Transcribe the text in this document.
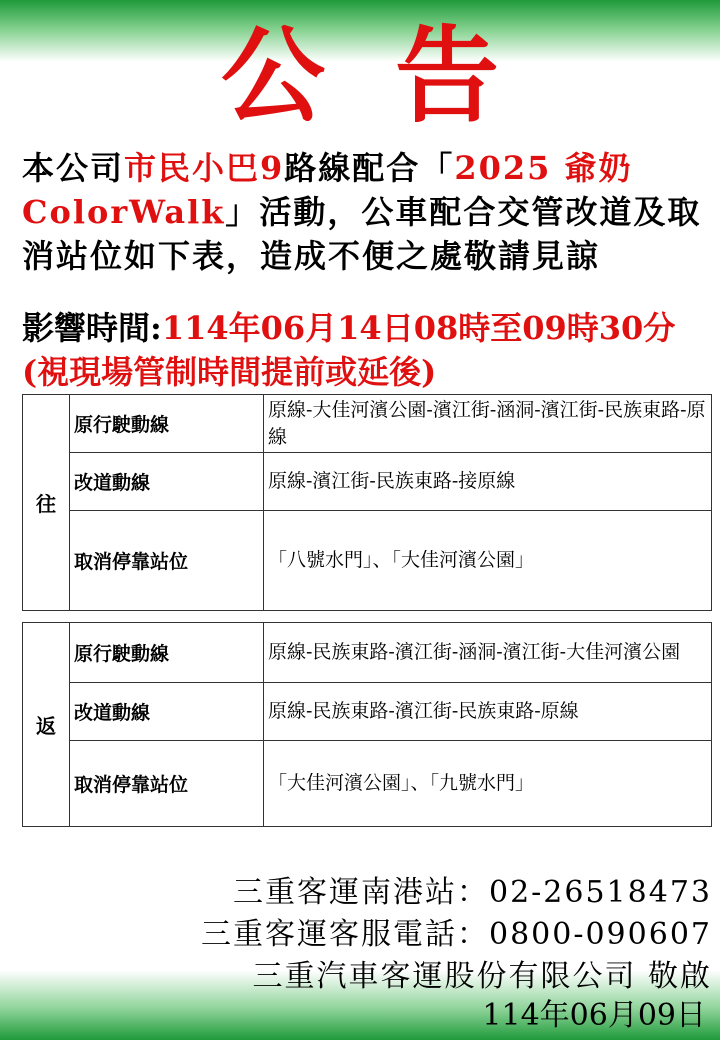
公告
本公司市民小巴9路線配合「2025 爺奶ColorWalk」活動，公車配合交管改道及取消站位如下表，造成不便之處敬請見諒
影響時間:114年06月14日08時至09時30分
(視現場管制時間提前或延後)
往	原行駛動線	原線-大佳河濱公園-濱江街-涵洞-濱江街-民族東路-原線
	改道動線	原線-濱江街-民族東路-接原線
	取消停靠站位	「八號水門」、「大佳河濱公園」
返	原行駛動線	原線-民族東路-濱江街-涵洞-濱江街-大佳河濱公園
	改道動線	原線-民族東路-濱江街-民族東路-原線
	取消停靠站位	「大佳河濱公園」、「九號水門」
三重客運南港站：02-26518473
三重客運客服電話：0800-090607
三重汽車客運股份有限公司 敬啟
114年06月09日
